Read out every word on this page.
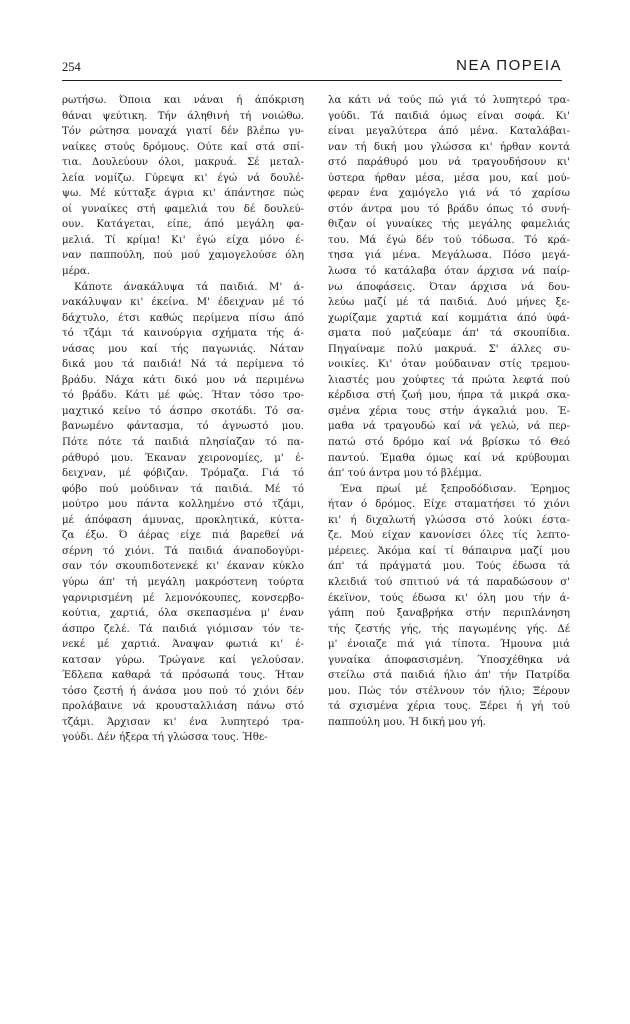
254	ΝΕΑ ΠΟΡΕΙΑ
ρωτήσω. Όποια και νάναι ή άπόκριση
θάναι ψεύτικη. Τήν άληθινή τή νοιώθω.
Τόν ρώτησα μοναχά γιατί δέν βλέπω γυ-
ναίκες στούς δρόμους. Ούτε καί στά σπί-
τια. Δουλεύουν όλοι, μακρυά. Σέ μεταλ-
λεία νομίζω. Γύρεψα κι' έγώ νά δουλέ-
ψω. Μέ κύτταξε άγρια κι' άπάντησε πώς
οί γυναίκες στή φαμελιά του δέ δουλεύ-
ουν. Κατάγεται, είπε, άπό μεγάλη φα-
μελιά. Τί κρίμα! Κι' έγώ είχα μόνο έ-
ναν παππούλη, πού μού χαμογελούσε όλη
μέρα.
Κάποτε άνακάλυψα τά παιδιά. Μ' ά-
νακάλυψαν κι' έκείνα. Μ' έδειχναν μέ τό
δάχτυλο, έτσι καθώς περίμενα πίσω άπό
τό τζάμι τά καινούργια σχήματα τής ά-
νάσας μου καί τής παγωνιάς. Νάταν
δικά μου τά παιδιά! Νά τά περίμενα τό
βράδυ. Νάχα κάτι δικό μου νά περιμένω
τό βράδυ. Κάτι μέ φώς. Ήταν τόσο τρο-
μαχτικό κείνο τό άσπρο σκοτάδι. Τό σα-
βανωμένο φάντασμα, τό άγνωστό μου.
Πότε πότε τά παιδιά πλησίαζαν τό πα-
ράθυρό μου. Έκαναν χειρονομίες, μ' έ-
δειχναν, μέ φόβιζαν. Τρόμαζα. Γιά τό
φόβο πού μούδιναν τά παιδιά. Μέ τό
μούτρο μου πάντα κολλημένο στό τζάμι,
μέ άπόφαση άμυνας, προκλητικά, κύττα-
ζα έξω. Ό άέρας είχε πιά βαρεθεί νά
σέρνη τό χιόνι. Τά παιδιά άναποδογύρι-
σαν τόν σκουπιδοτενεκέ κι' έκαναν κύκλο
γύρω άπ' τή μεγάλη μακρόστενη τούρτα
γαρνιρισμένη μέ λεμονόκουπες, κονσερβο-
κούτια, χαρτιά, όλα σκεπασμένα μ' έναν
άσπρο ζελέ. Τά παιδιά γιόμισαν τόν τε-
νεκέ μέ χαρτιά. Άναψαν φωτιά κι' έ-
κατσαν γύρω. Τρώγανε καί γελούσαν.
Έδλεπα καθαρά τά πρόσωπά τους. Ήταν
τόσο ζεστή ή άνάσα μου πού τό χιόνι δέν
προλάβαινε νά κρουσταλλιάση πάνω στό
τζάμι. Άρχισαν κι' ένα λυπητερό τρα-
γούδι. Δέν ήξερα τή γλώσσα τους. Ήθε-
λα κάτι νά τούς πώ γιά τό λυπητερό τρα-
γούδι. Τά παιδιά όμως είναι σοφά. Κι'
είναι μεγαλύτερα άπό μένα. Καταλάβαι-
ναν τή δική μου γλώσσα κι' ήρθαν κοντά
στό παράθυρό μου νά τραγουδήσουν κι'
ύστερα ήρθαν μέσα, μέσα μου, καί μού-
φεραν ένα χαμόγελο γιά νά τό χαρίσω
στόν άντρα μου τό βράδυ όπως τό συνή-
θιζαν οί γυναίκες τής μεγάλης φαμελιάς
του. Μά έγώ δέν τού τόδωσα. Τό κρά-
τησα γιά μένα. Μεγάλωσα. Πόσο μεγά-
λωσα τό κατάλαβα όταν άρχισα νά παίρ-
νω άποφάσεις. Όταν άρχισα νά δου-
λεύω μαζί μέ τά παιδιά. Δυό μήνες ξε-
χωρίζαμε χαρτιά καί κομμάτια άπό ύφά-
σματα πού μαζεύαμε άπ' τά σκουπίδια.
Πηγαίναμε πολύ μακρυά. Σ' άλλες συ-
νοικίες. Κι' όταν μούδαιναν στίς τρεμου-
λιαστές μου χούφτες τά πρώτα λεφτά πού
κέρδισα στή ζωή μου, ήπρα τά μικρά σκα-
σμένα χέρια τους στήν άγκαλιά μου. Έ-
μαθα νά τραγουδώ καί νά γελώ, νά περ-
πατώ στό δρόμο καί νά βρίσκω τό Θεό
παντού. Έμαθα όμως καί νά κρύβουμαι
άπ' τού άντρα μου τό βλέμμα.
Ένα πρωί μέ ξεπροδόδισαν. Έρημος
ήταν ό δρόμος. Είχε σταματήσει τό χιόνι
κι' ή διχαλωτή γλώσσα στό λούκι έστα-
ζε. Μού είχαν κανονίσει όλες τίς λεπτο-
μέρειες. Άκόμα καί τί θάπαιρνα μαζί μου
άπ' τά πράγματά μου. Τούς έδωσα τά
κλειδιά τού σπιτιού νά τά παραδώσουν σ'
έκεϊνον, τούς έδωσα κι' όλη μου τήν ά-
γάπη πού ξαναβρήκα στήν περιπλάνηση
τής ζεστής γής, τής παγωμένης γής. Δέ
μ' ένοιαζε πιά γιά τίποτα. Ήμουνα μιά
γυναίκα άποφασισμένη. Ύποσχέθηκα νά
στείλω στά παιδιά ήλιο άπ' τήν Πατρίδα
μου. Πώς τόν στέλνουν τόν ήλιο; Ξέρουν
τά σχισμένα χέρια τους. Ξέρει ή γή τού
παππούλη μου. Ή δική μου γή.
